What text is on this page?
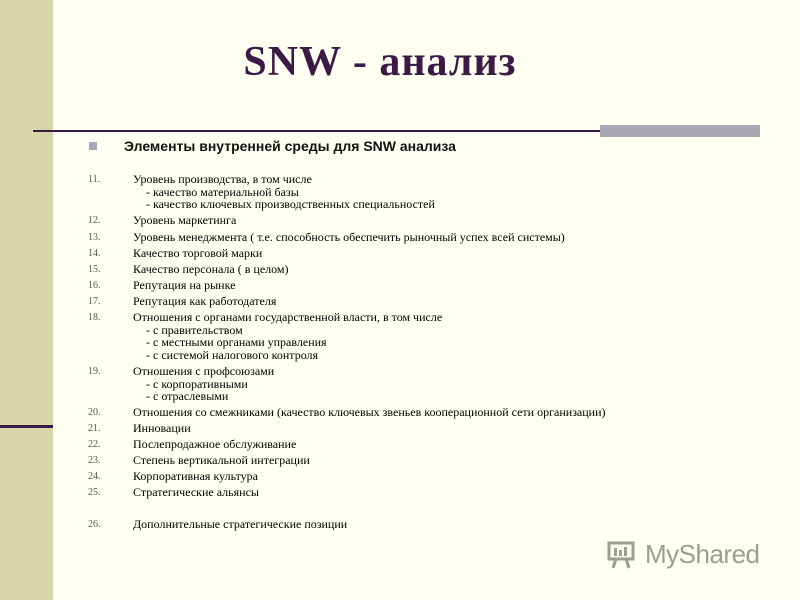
SNW - анализ
Элементы внутренней среды для SNW анализа
11.	Уровень производства, в том числе
- качество материальной базы
- качество ключевых производственных специальностей
12.	Уровень маркетинга
13.	Уровень менеджмента ( т.е. способность обеспечить рыночный успех всей системы)
14.	Качество торговой марки
15.	Качество персонала ( в целом)
16.	Репутация на рынке
17.	Репутация как работодателя
18.	Отношения с органами государственной власти, в том числе
- с правительством
- с местными органами управления
- с системой налогового контроля
19.	Отношения с профсоюзами
- с корпоративными
- с отраслевыми
20.	Отношения со смежниками (качество ключевых звеньев кооперационной сети организации)
21.	Инновации
22.	Послепродажное обслуживание
23.	Степень вертикальной интеграции
24.	Корпоративная культура
25.	Стратегические альянсы
26.	Дополнительные стратегические позиции
MyShared
